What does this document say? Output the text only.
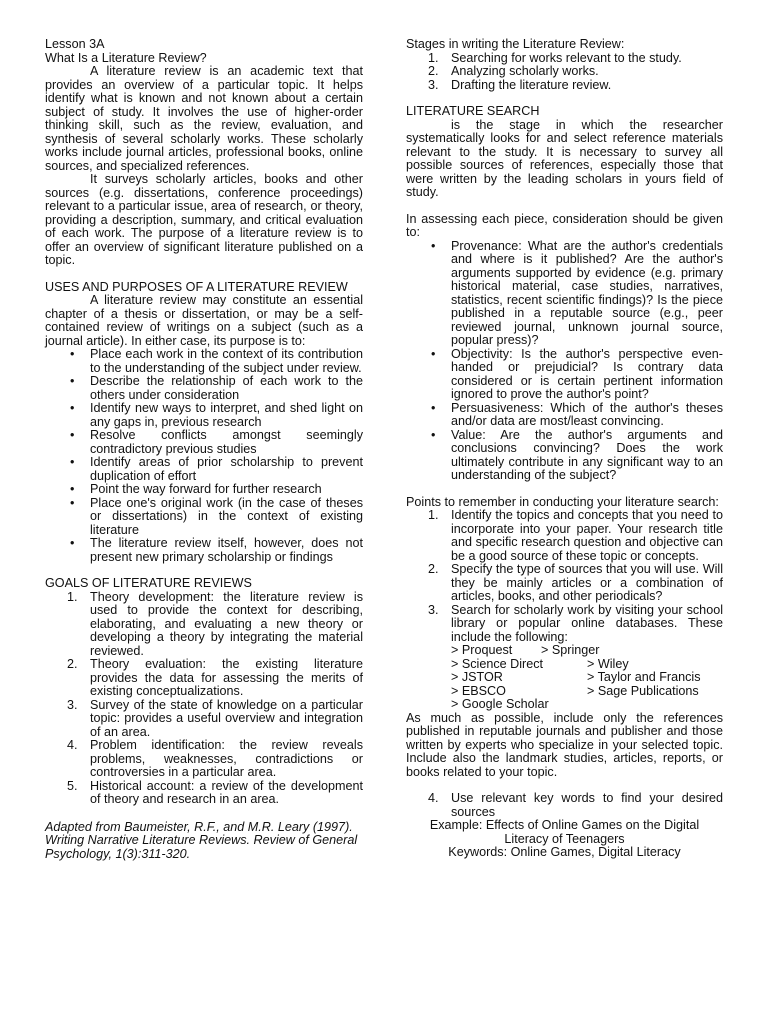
Lesson 3A

What Is a Literature Review?

A literature review is an academic text that provides an overview of a particular topic. It helps identify what is known and not known about a certain subject of study. It involves the use of higher-order thinking skill, such as the review, evaluation, and synthesis of several scholarly works. These scholarly works include journal articles, professional books, online sources, and specialized references.

It surveys scholarly articles, books and other sources (e.g. dissertations, conference proceedings) relevant to a particular issue, area of research, or theory, providing a description, summary, and critical evaluation of each work. The purpose of a literature review is to offer an overview of significant literature published on a topic.

USES AND PURPOSES OF A LITERATURE REVIEW

A literature review may constitute an essential chapter of a thesis or dissertation, or may be a self-contained review of writings on a subject (such as a journal article). In either case, its purpose is to:

• Place each work in the context of its contribution to the understanding of the subject under review.
• Describe the relationship of each work to the others under consideration
• Identify new ways to interpret, and shed light on any gaps in, previous research
• Resolve conflicts amongst seemingly contradictory previous studies
• Identify areas of prior scholarship to prevent duplication of effort
• Point the way forward for further research
• Place one's original work (in the case of theses or dissertations) in the context of existing literature
• The literature review itself, however, does not present new primary scholarship or findings

GOALS OF LITERATURE REVIEWS

1. Theory development: the literature review is used to provide the context for describing, elaborating, and evaluating a new theory or developing a theory by integrating the material reviewed.
2. Theory evaluation: the existing literature provides the data for assessing the merits of existing conceptualizations.
3. Survey of the state of knowledge on a particular topic: provides a useful overview and integration of an area.
4. Problem identification: the review reveals problems, weaknesses, contradictions or controversies in a particular area.
5. Historical account: a review of the development of theory and research in an area.

Adapted from Baumeister, R.F., and M.R. Leary (1997). Writing Narrative Literature Reviews. Review of General Psychology, 1(3):311-320.

Stages in writing the Literature Review:

1. Searching for works relevant to the study.
2. Analyzing scholarly works.
3. Drafting the literature review.

LITERATURE SEARCH

is the stage in which the researcher systematically looks for and select reference materials relevant to the study. It is necessary to survey all possible sources of references, especially those that were written by the leading scholars in yours field of study.

In assessing each piece, consideration should be given to:

• Provenance: What are the author's credentials and where is it published? Are the author's arguments supported by evidence (e.g. primary historical material, case studies, narratives, statistics, recent scientific findings)? Is the piece published in a reputable source (e.g., peer reviewed journal, unknown journal source, popular press)?
• Objectivity: Is the author's perspective even-handed or prejudicial? Is contrary data considered or is certain pertinent information ignored to prove the author's point?
• Persuasiveness: Which of the author's theses and/or data are most/least convincing.
• Value: Are the author's arguments and conclusions convincing? Does the work ultimately contribute in any significant way to an understanding of the subject?

Points to remember in conducting your literature search:

1. Identify the topics and concepts that you need to incorporate into your paper. Your research title and specific research question and objective can be a good source of these topic or concepts.
2. Specify the type of sources that you will use. Will they be mainly articles or a combination of articles, books, and other periodicals?
3. Search for scholarly work by visiting your school library or popular online databases. These include the following:
> Proquest	> Springer
> Science Direct	> Wiley
> JSTOR	> Taylor and Francis
> EBSCO	> Sage Publications
> Google Scholar

As much as possible, include only the references published in reputable journals and publisher and those written by experts who specialize in your selected topic. Include also the landmark studies, articles, reports, or books related to your topic.

4. Use relevant key words to find your desired sources

Example: Effects of Online Games on the Digital

Literacy of Teenagers

Keywords: Online Games, Digital Literacy
